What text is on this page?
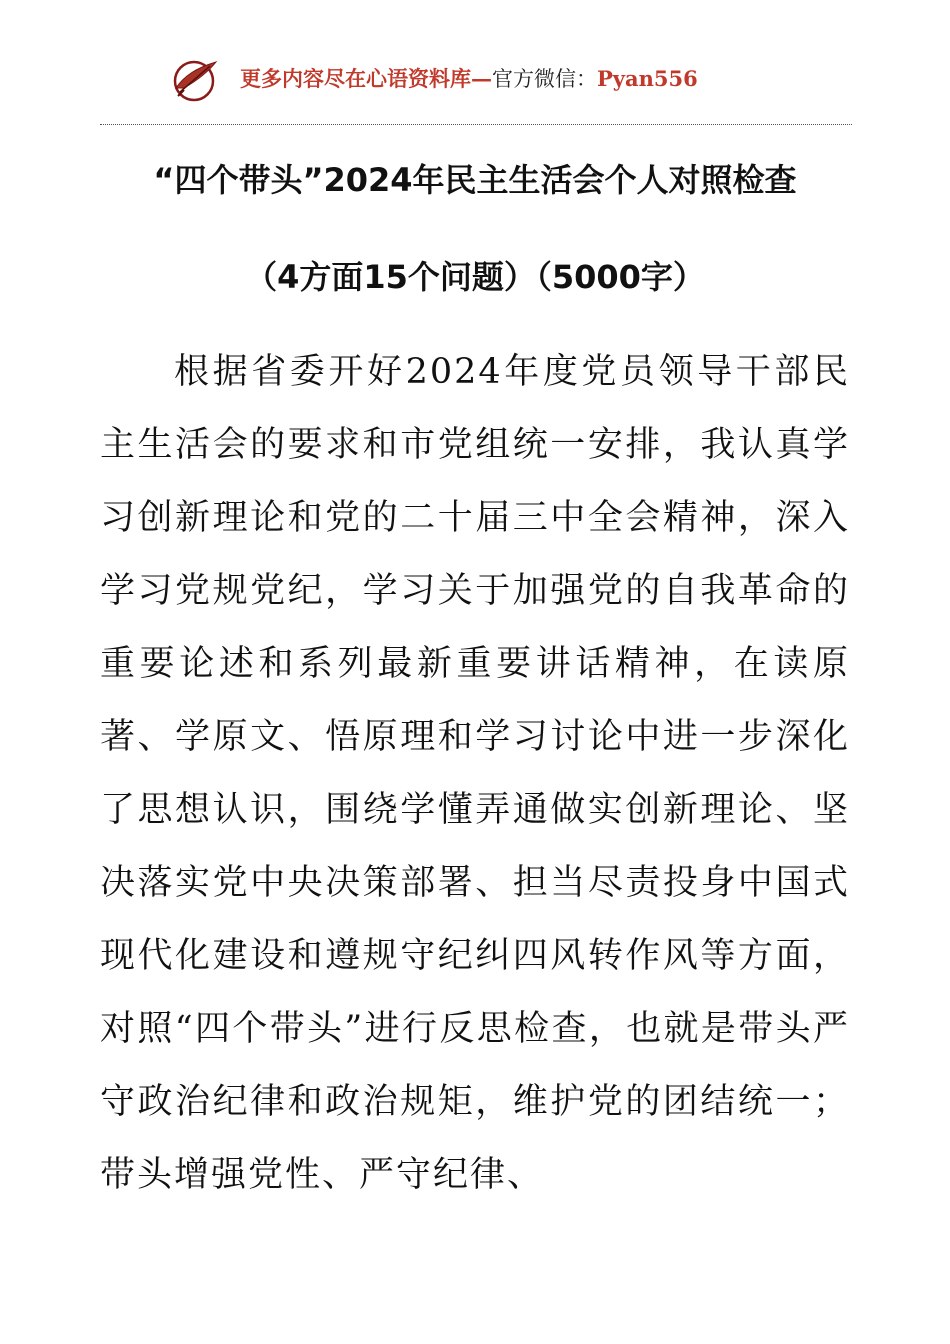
更多内容尽在心语资料库—官方微信：Pyan556
“四个带头”2024年民主生活会个人对照检查
（4方面15个问题）（5000字）

根据省委开好2024年度党员领导干部民主生活会的要求和市党组统一安排，我认真学习创新理论和党的二十届三中全会精神，深入学习党规党纪，学习关于加强党的自我革命的重要论述和系列最新重要讲话精神，在读原著、学原文、悟原理和学习讨论中进一步深化了思想认识，围绕学懂弄通做实创新理论、坚决落实党中央决策部署、担当尽责投身中国式现代化建设和遵规守纪纠四风转作风等方面，对照“四个带头”进行反思检查，也就是带头严守政治纪律和政治规矩，维护党的团结统一；带头增强党性、严守纪律、
